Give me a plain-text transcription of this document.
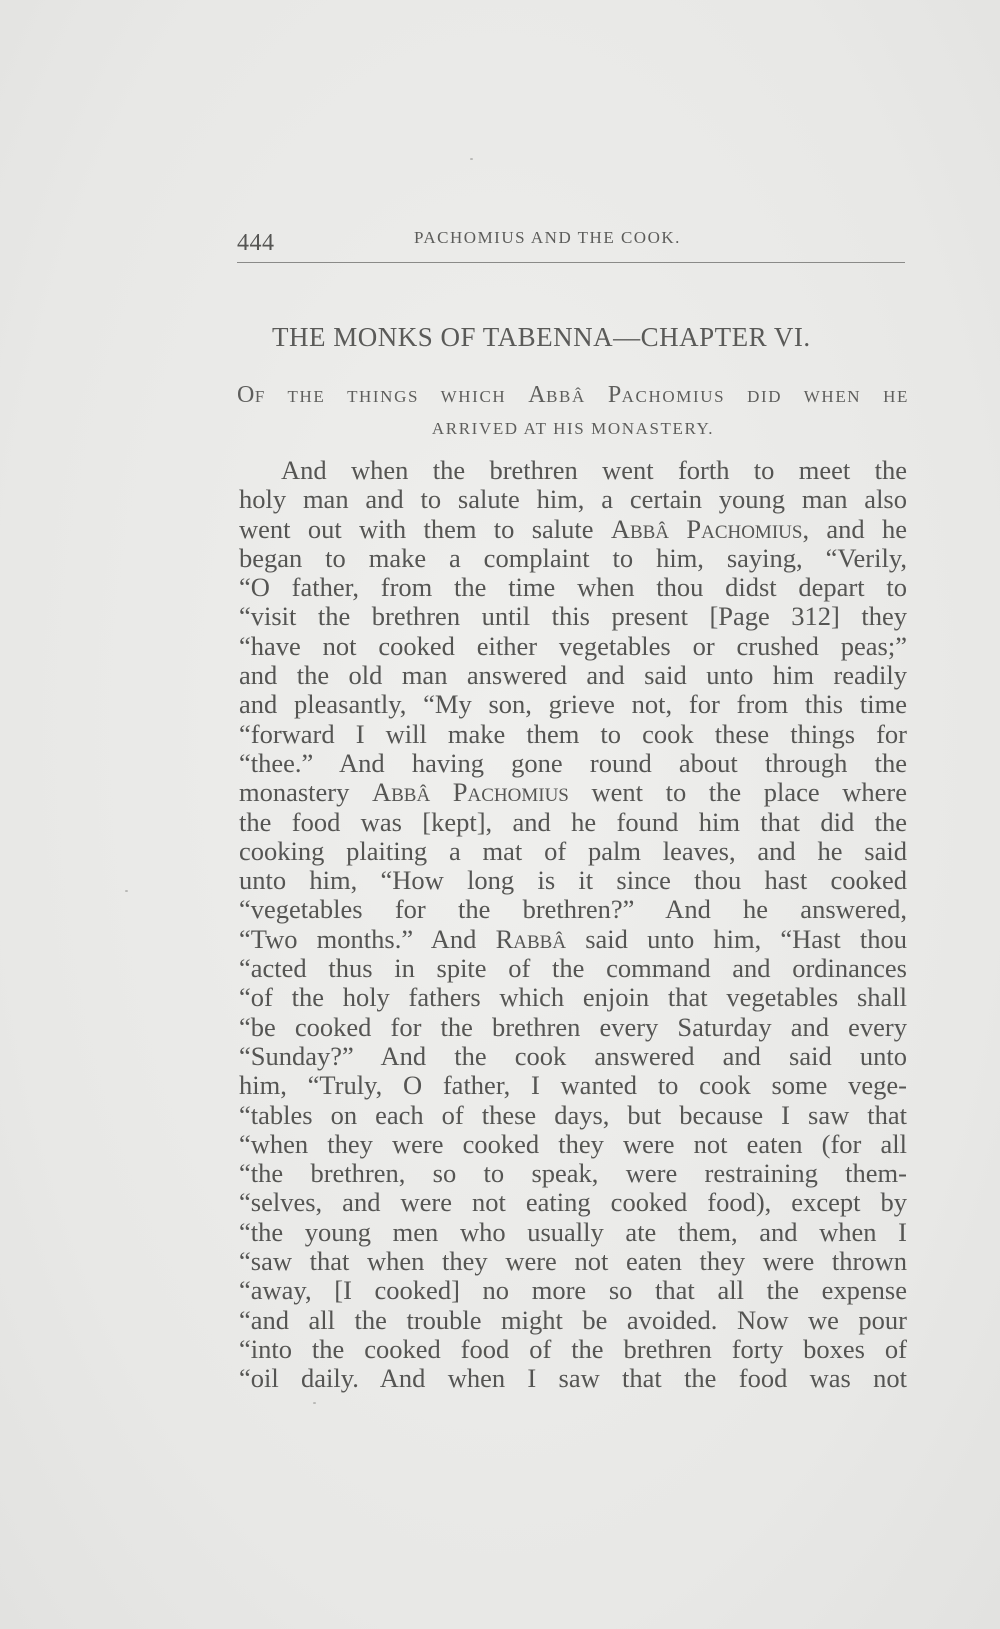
444	PACHOMIUS AND THE COOK.
THE MONKS OF TABENNA—CHAPTER VI.
OF THE THINGS WHICH ABBÂ PACHOMIUS DID WHEN HE
ARRIVED AT HIS MONASTERY.
And when the brethren went forth to meet the
holy man and to salute him, a certain young man also
went out with them to salute Abbâ Pachomius, and he
began to make a complaint to him, saying, “Verily,
“O father, from the time when thou didst depart to
“visit the brethren until this present [Page 312] they
“have not cooked either vegetables or crushed peas;”
and the old man answered and said unto him readily
and pleasantly, “My son, grieve not, for from this time
“forward I will make them to cook these things for
“thee.” And having gone round about through the
monastery Abbâ Pachomius went to the place where
the food was [kept], and he found him that did the
cooking plaiting a mat of palm leaves, and he said
unto him, “How long is it since thou hast cooked
“vegetables for the brethren?” And he answered,
“Two months.” And Rabbâ said unto him, “Hast thou
“acted thus in spite of the command and ordinances
“of the holy fathers which enjoin that vegetables shall
“be cooked for the brethren every Saturday and every
“Sunday?” And the cook answered and said unto
him, “Truly, O father, I wanted to cook some vege-
“tables on each of these days, but because I saw that
“when they were cooked they were not eaten (for all
“the brethren, so to speak, were restraining them-
“selves, and were not eating cooked food), except by
“the young men who usually ate them, and when I
“saw that when they were not eaten they were thrown
“away, [I cooked] no more so that all the expense
“and all the trouble might be avoided. Now we pour
“into the cooked food of the brethren forty boxes of
“oil daily. And when I saw that the food was not
